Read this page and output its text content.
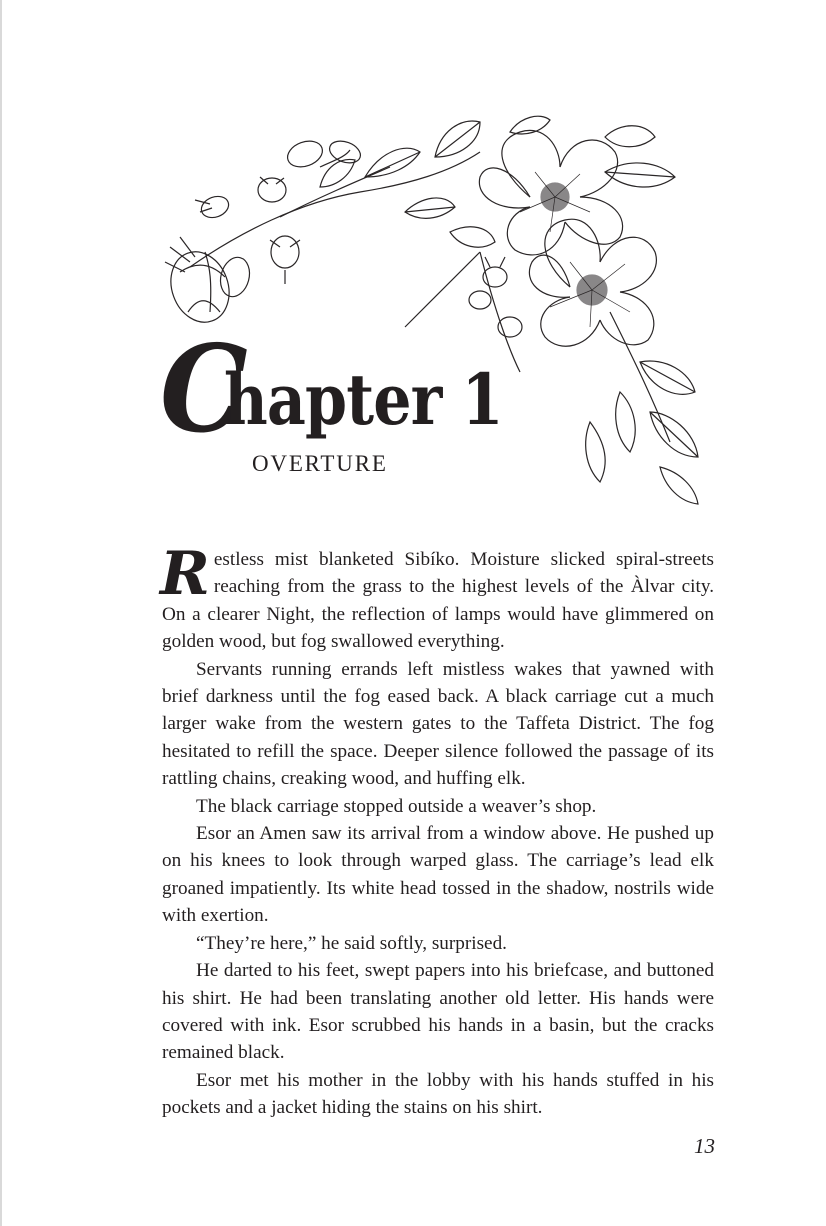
C
hapter 1
OVERTURE

Restless mist blanketed Sibíko. Moisture slicked spiral-streets reaching from the grass to the highest levels of the Àlvar city. On a clearer Night, the reflection of lamps would have glimmered on golden wood, but fog swallowed everything.

Servants running errands left mistless wakes that yawned with brief darkness until the fog eased back. A black carriage cut a much larger wake from the western gates to the Taffeta District. The fog hesitated to refill the space. Deeper silence followed the passage of its rattling chains, creaking wood, and huffing elk.

The black carriage stopped outside a weaver’s shop.

Esor an Amen saw its arrival from a window above. He pushed up on his knees to look through warped glass. The carriage’s lead elk groaned impatiently. Its white head tossed in the shadow, nostrils wide with exertion.

“They’re here,” he said softly, surprised.

He darted to his feet, swept papers into his briefcase, and buttoned his shirt. He had been translating another old letter. His hands were covered with ink. Esor scrubbed his hands in a basin, but the cracks remained black.

Esor met his mother in the lobby with his hands stuffed in his pockets and a jacket hiding the stains on his shirt.

13
